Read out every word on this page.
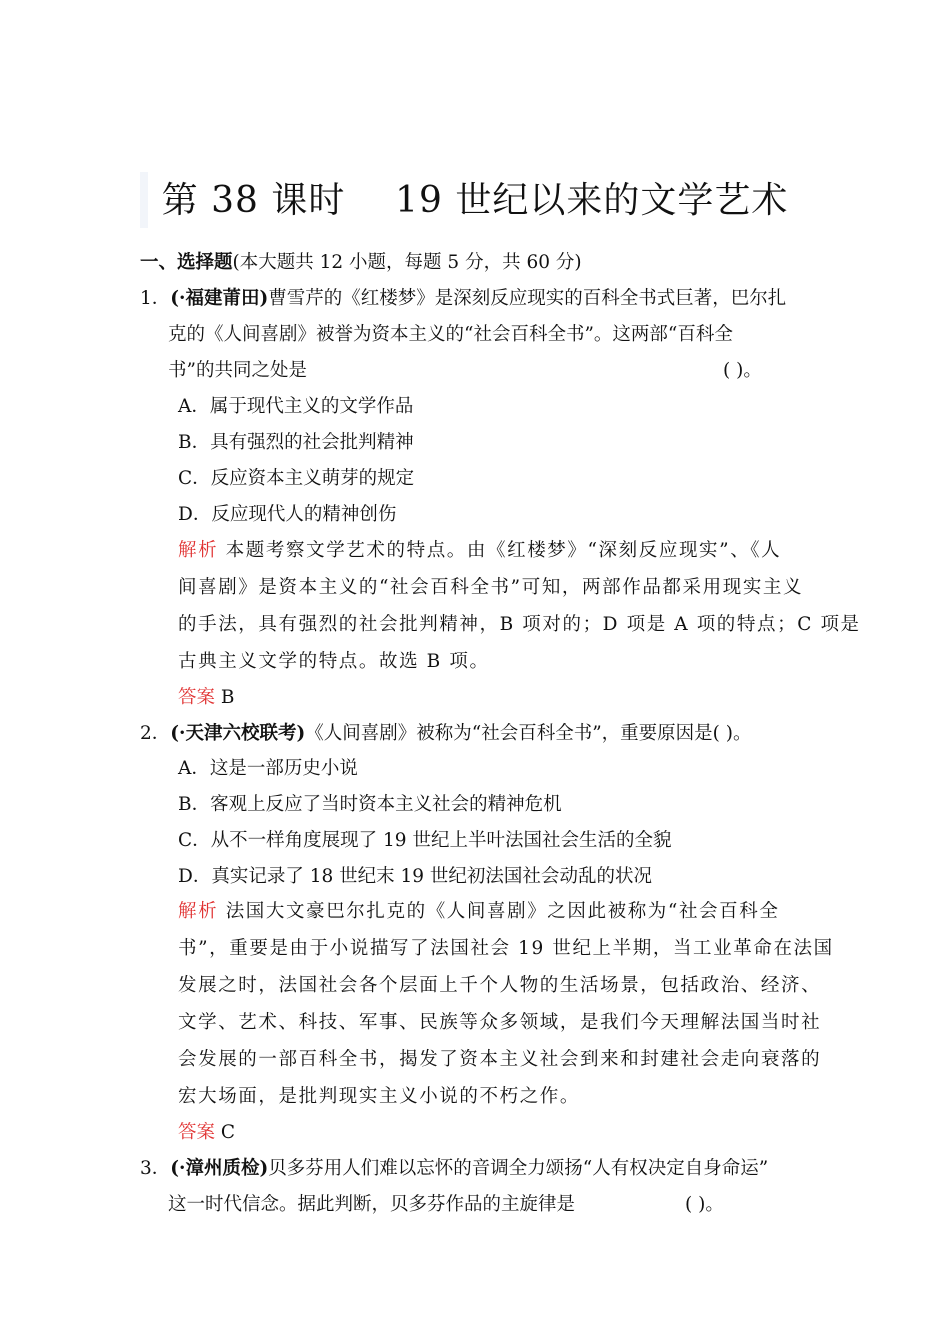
第 38 课时    19 世纪以来的文学艺术
一、选择题(本大题共 12 小题，每题 5 分，共 60 分)
1．(·福建莆田)曹雪芹的《红楼梦》是深刻反应现实的百科全书式巨著，巴尔扎
克的《人间喜剧》被誉为资本主义的“社会百科全书”。这两部“百科全
书”的共同之处是	( )。
A．属于现代主义的文学作品
B．具有强烈的社会批判精神
C．反应资本主义萌芽的规定
D．反应现代人的精神创伤
解析 本题考察文学艺术的特点。由《红楼梦》“深刻反应现实”、《人
间喜剧》是资本主义的“社会百科全书”可知，两部作品都采用现实主义
的手法，具有强烈的社会批判精神，B 项对的；D 项是 A 项的特点；C 项是
古典主义文学的特点。故选 B 项。
答案 B
2．(·天津六校联考)《人间喜剧》被称为“社会百科全书”，重要原因是( )。
A．这是一部历史小说
B．客观上反应了当时资本主义社会的精神危机
C．从不一样角度展现了 19 世纪上半叶法国社会生活的全貌
D．真实记录了 18 世纪末 19 世纪初法国社会动乱的状况
解析 法国大文豪巴尔扎克的《人间喜剧》之因此被称为“社会百科全
书”，重要是由于小说描写了法国社会 19 世纪上半期，当工业革命在法国
发展之时，法国社会各个层面上千个人物的生活场景，包括政治、经济、
文学、艺术、科技、军事、民族等众多领域，是我们今天理解法国当时社
会发展的一部百科全书，揭发了资本主义社会到来和封建社会走向衰落的
宏大场面，是批判现实主义小说的不朽之作。
答案 C
3．(·漳州质检)贝多芬用人们难以忘怀的音调全力颂扬“人有权决定自身命运”
这一时代信念。据此判断，贝多芬作品的主旋律是	( )。
